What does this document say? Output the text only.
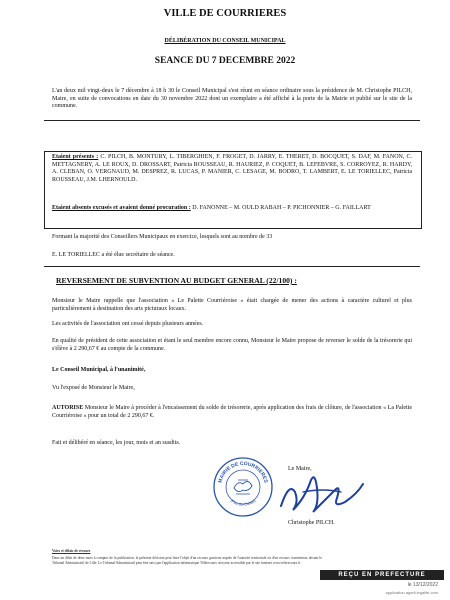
VILLE DE COURRIERES
DÉLIBÉRATION DU CONSEIL MUNICIPAL
SEANCE DU 7 DECEMBRE 2022
L'an deux mil vingt-deux le 7 décembre à 18 h 30 le Conseil Municipal s'est réuni en séance ordinaire sous la présidence de M. Christophe PILCH, Maire, en suite de convocations en date du 30 novembre 2022 dont un exemplaire a été affiché à la porte de la Mairie et publié sur le site de la commune.
Etaient présents : C. PILCH, B. MONTURY, L. TIBERGHIEN, F. FROGET, D. JARRY, E. THERET, D. BOCQUET, S. DAF, M. FANON, C. METTAGNERY, A. LE ROUX, D. DROSSART, Patricia ROUSSEAU, R. HAURIEZ, P. COQUET, B. LEFEBVRE, S. CORROYEZ, R. HARDY, A. CLEBAN, O. VERGNAUD, M. DESPREZ, R. LUCAS, P. MANIER, C. LESAGE, M. BODRO, T. LAMBERT, E. LE TORIELLEC, Patricia ROUSSEAU, J.M. LHERNOULD.
Etaient absents excusés et avaient donné procuration : D. FANONNE – M. OULD RABAH – P. PICHONNIER – G. FAILLART
Formant la majorité des Conseillers Municipaux en exercice, lesquels sont au nombre de 33
E. LE TORIELLEC a été élue secrétaire de séance.
REVERSEMENT DE SUBVENTION AU BUDGET GENERAL (22/100) :
Monsieur le Maire rappelle que l'association « Le Palette Courriéroise » était chargée de mener des actions à caractère culturel et plus particulièrement à destination des arts picturaux locaux.
Les activités de l'association ont cessé depuis plusieurs années.
En qualité de président de cette association et étant le seul membre encore connu, Monsieur le Maire propose de reverser le solde de la trésorerie qui s'élève à 2 290,67 € au compte de la commune.
Le Conseil Municipal, à l'unanimité,
Vu l'exposé de Monsieur le Maire,
AUTORISE Monsieur le Maire à procéder à l'encaissement du solde de trésorerie, après application des frais de clôture, de l'association « La Palette Courriéroise » pour un total de 2 290,67 €.
Fait et délibéré en séance, les jour, mois et an susdits.
Le Maire,
MAIRIE DE COURRIERES
(Pas-de-Calais)
Christophe PILCH.
Voies et délais de recours
Dans un délai de deux mois à compter de la publication, la présente décision peut faire l'objet d'un recours gracieux auprès de l'autorité territoriale ou d'un recours contentieux devant le Tribunal Administratif de Lille. Le Tribunal Administratif peut être saisi par l'application informatique Télérecours citoyens accessible par le site internet www.telerecours.fr
REÇU EN PREFECTURE
le 13/12/2022
application.agedi.legalite.com
